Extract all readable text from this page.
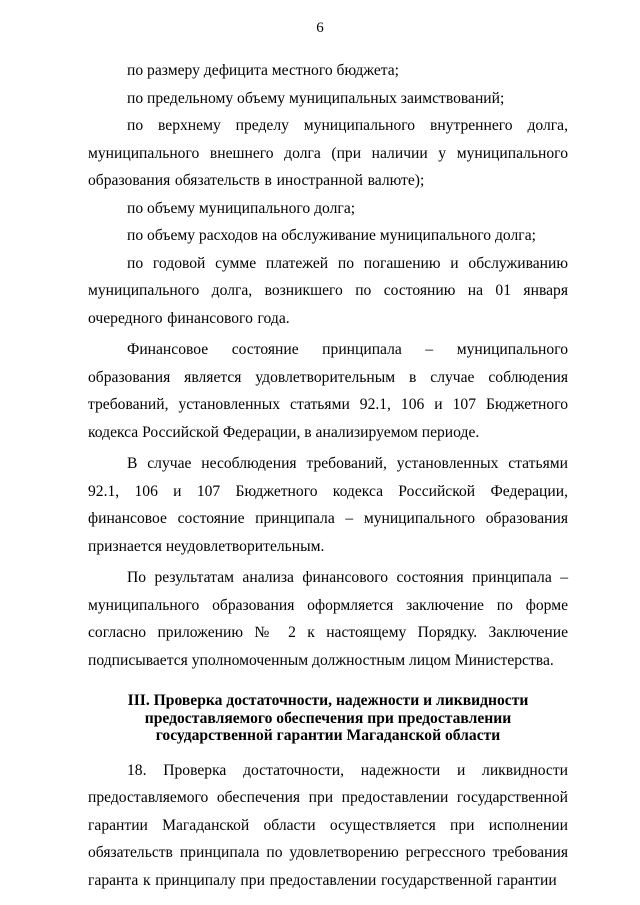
6

по размеру дефицита местного бюджета;

по предельному объему муниципальных заимствований;

по верхнему пределу муниципального внутреннего долга, муниципального внешнего долга (при наличии у муниципального образования обязательств в иностранной валюте);

по объему муниципального долга;

по объему расходов на обслуживание муниципального долга;

по годовой сумме платежей по погашению и обслуживанию муниципального долга, возникшего по состоянию на 01 января очередного финансового года.

Финансовое состояние принципала – муниципального образования является удовлетворительным в случае соблюдения требований, установленных статьями 92.1, 106 и 107 Бюджетного кодекса Российской Федерации, в анализируемом периоде.

В случае несоблюдения требований, установленных статьями 92.1, 106 и 107 Бюджетного кодекса Российской Федерации, финансовое состояние принципала – муниципального образования признается неудовлетворительным.

По результатам анализа финансового состояния принципала – муниципального образования оформляется заключение по форме согласно приложению № 2 к настоящему Порядку. Заключение подписывается уполномоченным должностным лицом Министерства.

III. Проверка достаточности, надежности и ликвидности
предоставляемого обеспечения при предоставлении
государственной гарантии Магаданской области

18. Проверка достаточности, надежности и ликвидности предоставляемого обеспечения при предоставлении государственной гарантии Магаданской области осуществляется при исполнении обязательств принципала по удовлетворению регрессного требования гаранта к принципалу при предоставлении государственной гарантии
